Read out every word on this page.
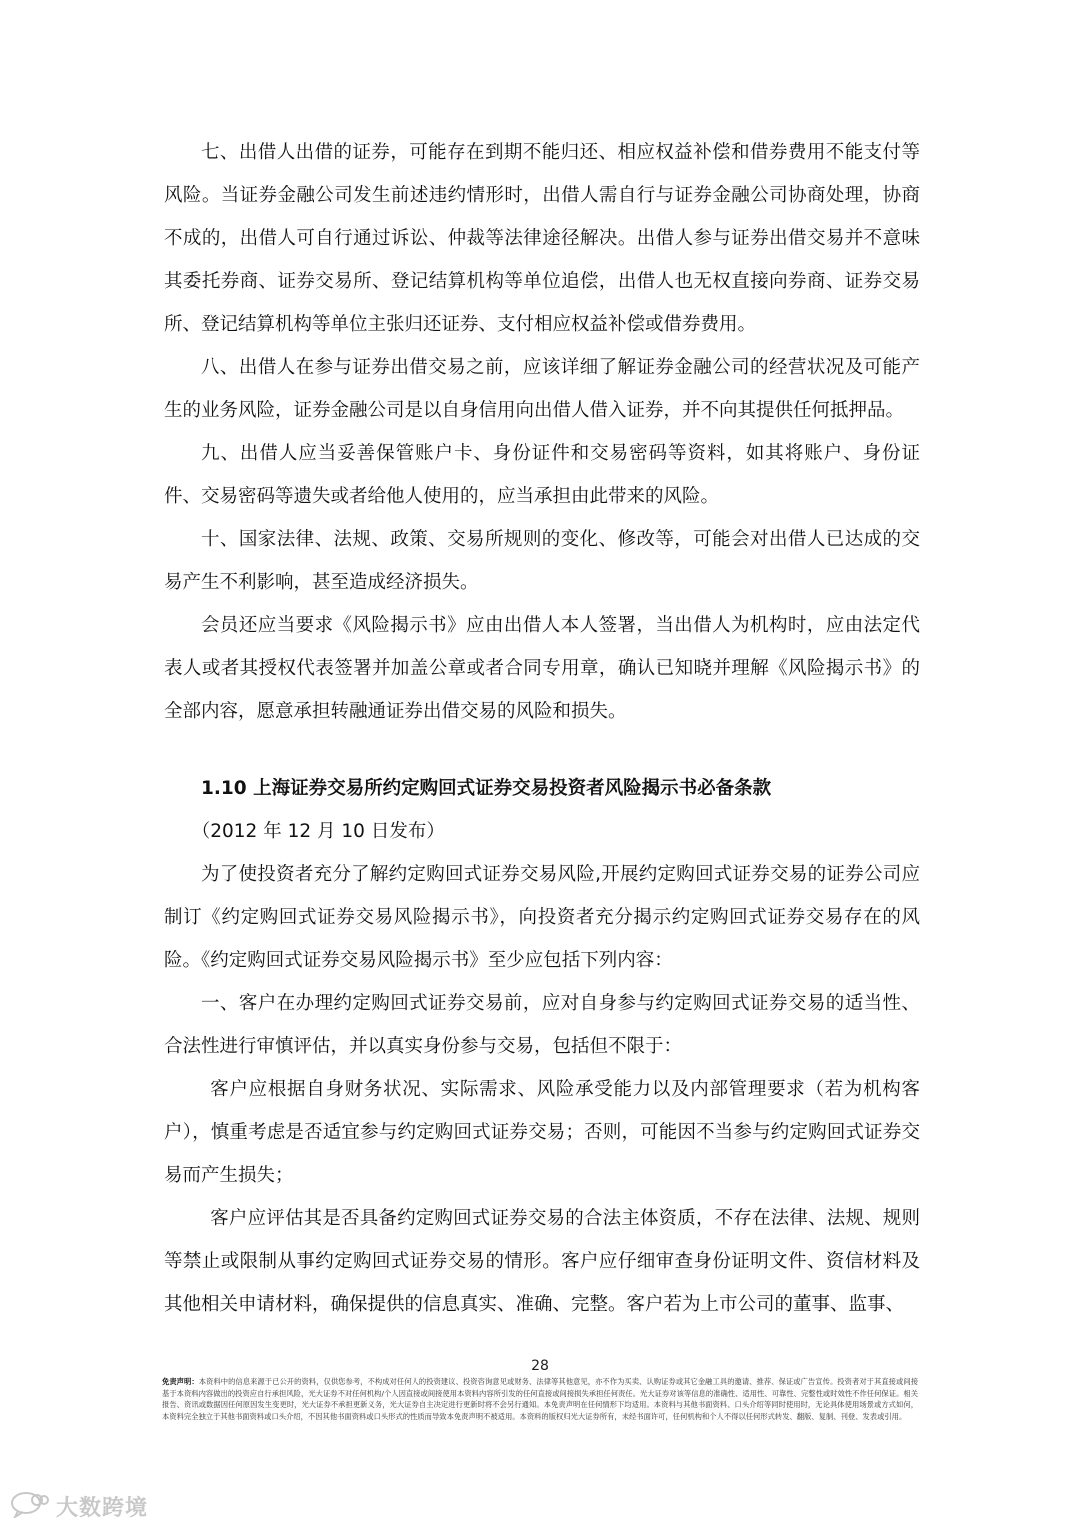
七、出借人出借的证券，可能存在到期不能归还、相应权益补偿和借券费用不能支付等风险。当证券金融公司发生前述违约情形时，出借人需自行与证券金融公司协商处理，协商不成的，出借人可自行通过诉讼、仲裁等法律途径解决。出借人参与证券出借交易并不意味其委托券商、证券交易所、登记结算机构等单位追偿，出借人也无权直接向券商、证券交易所、登记结算机构等单位主张归还证券、支付相应权益补偿或借券费用。

八、出借人在参与证券出借交易之前，应该详细了解证券金融公司的经营状况及可能产生的业务风险，证券金融公司是以自身信用向出借人借入证券，并不向其提供任何抵押品。

九、出借人应当妥善保管账户卡、身份证件和交易密码等资料，如其将账户、身份证件、交易密码等遗失或者给他人使用的，应当承担由此带来的风险。

十、国家法律、法规、政策、交易所规则的变化、修改等，可能会对出借人已达成的交易产生不利影响，甚至造成经济损失。

会员还应当要求《风险揭示书》应由出借人本人签署，当出借人为机构时，应由法定代表人或者其授权代表签署并加盖公章或者合同专用章，确认已知晓并理解《风险揭示书》的全部内容，愿意承担转融通证券出借交易的风险和损失。

1.10 上海证券交易所约定购回式证券交易投资者风险揭示书必备条款

（2012 年 12 月 10 日发布）

为了使投资者充分了解约定购回式证券交易风险,开展约定购回式证券交易的证券公司应制订《约定购回式证券交易风险揭示书》，向投资者充分揭示约定购回式证券交易存在的风险。《约定购回式证券交易风险揭示书》至少应包括下列内容：

一、客户在办理约定购回式证券交易前，应对自身参与约定购回式证券交易的适当性、合法性进行审慎评估，并以真实身份参与交易，包括但不限于：

客户应根据自身财务状况、实际需求、风险承受能力以及内部管理要求（若为机构客户），慎重考虑是否适宜参与约定购回式证券交易；否则，可能因不当参与约定购回式证券交易而产生损失；

客户应评估其是否具备约定购回式证券交易的合法主体资质，不存在法律、法规、规则等禁止或限制从事约定购回式证券交易的情形。客户应仔细审查身份证明文件、资信材料及其他相关申请材料，确保提供的信息真实、准确、完整。客户若为上市公司的董事、监事、

28
免责声明：本资料中的信息来源于已公开的资料，仅供您参考，不构成对任何人的投资建议、投资咨询意见或财务、法律等其他意见，亦不作为买卖、认购证券或其它金融工具的邀请、推荐、保证或广告宣传。投资者对于其直接或间接基于本资料内容做出的投资应自行承担风险，光大证券不对任何机构/个人因直接或间接使用本资料内容所引发的任何直接或间接损失承担任何责任。光大证券对该等信息的准确性、适用性、可靠性、完整性或时效性不作任何保证。相关报告、资讯或数据因任何原因发生变更时，光大证券不承担更新义务，光大证券自主决定进行更新时将不会另行通知。本免责声明在任何情形下均适用。本资料与其他书面资料、口头介绍等同时使用时，无论具体使用场景或方式如何，本资料完全独立于其他书面资料或口头介绍，不因其他书面资料或口头形式的性质而导致本免责声明不被适用。本资料的版权归光大证券所有，未经书面许可，任何机构和个人不得以任何形式转发、翻版、复制、刊登、发表或引用。
大数跨境
